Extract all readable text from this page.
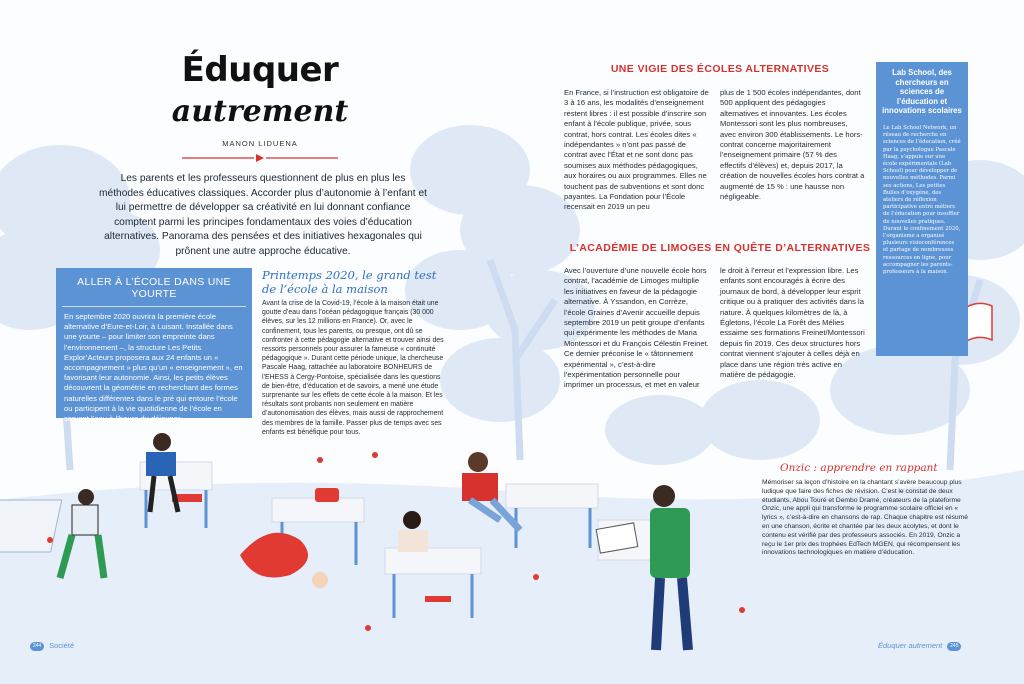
Éduquer
autrement
MANON LIDUENA
Les parents et les professeurs questionnent de plus en plus les méthodes éducatives classiques. Accorder plus d’autonomie à l’enfant et lui permettre de développer sa créativité en lui donnant confiance comptent parmi les principes fondamentaux des voies d’éducation alternatives. Panorama des pensées et des initiatives hexagonales qui prônent une autre approche éducative.
ALLER À L’ÉCOLE DANS UNE YOURTE

En septembre 2020 ouvrira la première école alternative d’Eure-et-Loir, à Luisant. Installée dans une yourte – pour limiter son empreinte dans l’environnement –, la structure Les Petits Explor’Acteurs proposera aux 24 enfants un « accompagnement » plus qu’un « enseignement », en favorisant leur autonomie. Ainsi, les petits élèves découvrent la géométrie en recherchant des formes naturelles différentes dans le pré qui entoure l’école ou participent à la vie quotidienne de l’école en servant l’eau à l’heure du déjeuner.

Printemps 2020, le grand test de l’école à la maison
Avant la crise de la Covid-19, l’école à la maison était une goutte d’eau dans l’océan pédagogique français (30 000 élèves, sur les 12 millions en France). Or, avec le confinement, tous les parents, ou presque, ont dû se confronter à cette pédagogie alternative et trouver ainsi des ressorts personnels pour assurer la fameuse « continuité pédagogique ». Durant cette période unique, la chercheuse Pascale Haag, rattachée au laboratoire BONHEURS de l’EHESS à Cergy-Pontoise, spécialisée dans les questions de bien-être, d’éducation et de savoirs, a mené une étude surprenante sur les effets de cette école à la maison. Et les résultats sont probants non seulement en matière d’autonomisation des élèves, mais aussi de rapprochement des membres de la famille. Passer plus de temps avec ses enfants est bénéfique pour tous.
UNE VIGIE DES ÉCOLES ALTERNATIVES
En France, si l’instruction est obligatoire de 3 à 16 ans, les modalités d’enseignement restent libres : il est possible d’inscrire son enfant à l’école publique, privée, sous contrat, hors contrat. Les écoles dites « indépendantes » n’ont pas passé de contrat avec l’État et ne sont donc pas soumises aux méthodes pédagogiques, aux horaires ou aux programmes. Elles ne touchent pas de subventions et sont donc payantes. La Fondation pour l’École recensait en 2019 un peu
plus de 1 500 écoles indépendantes, dont 500 appliquent des pédagogies alternatives et innovantes. Les écoles Montessori sont les plus nombreuses, avec environ 300 établissements. Le hors-contrat concerne majoritairement l’enseignement primaire (57 % des effectifs d’élèves) et, depuis 2017, la création de nouvelles écoles hors contrat a augmenté de 15 % : une hausse non négligeable.
L’ACADÉMIE DE LIMOGES EN QUÊTE D’ALTERNATIVES
Avec l’ouverture d’une nouvelle école hors contrat, l’académie de Limoges multiplie les initiatives en faveur de la pédagogie alternative. À Yssandon, en Corrèze, l’école Graines d’Avenir accueille depuis septembre 2019 un petit groupe d’enfants qui expérimente les méthodes de Maria Montessori et du François Célestin Freinet. Ce dernier préconise le « tâtonnement expérimental », c’est-à-dire l’expérimentation personnelle pour imprimer un processus, et met en valeur
le droit à l’erreur et l’expression libre. Les enfants sont encouragés à écrire des journaux de bord, à développer leur esprit critique ou à pratiquer des activités dans la nature. À quelques kilomètres de là, à Égletons, l’école La Forêt des Mélies essaime ses formations Freinet/Montessori depuis fin 2019. Ces deux structures hors contrat viennent s’ajouter à celles déjà en place dans une région très active en matière de pédagogie.
Lab School, des chercheurs en sciences de l’éducation et innovations scolaires

Le Lab School Network, un réseau de recherche en sciences de l’éducation, créé par la psychologue Pascale Haag, s’appuie sur une école expérimentale (Lab School) pour développer de nouvelles méthodes. Parmi ses actions, Les petites Bulles d’oxygène, des ateliers de réflexion participative entre métiers de l’éducation pour insuffler de nouvelles pratiques. Durant le confinement 2020, l’organisme a organisé plusieurs visioconférences et partage de nombreuses ressources en ligne, pour accompagner les parents-professeurs à la maison.

Onzic : apprendre en rappant
Mémoriser sa leçon d’histoire en la chantant s’avère beaucoup plus ludique que faire des fiches de révision. C’est le constat de deux étudiants, Abou Touré et Dembo Dramé, créateurs de la plateforme Onzic, une appli qui transforme le programme scolaire officiel en « lyrics », c’est-à-dire en chansons de rap. Chaque chapitre est résumé en une chanson, écrite et chantée par les deux acolytes, et dont le contenu est vérifié par des professeurs associés. En 2019, Onzic a reçu le 1er prix des trophées EdTech MGEN, qui récompensent les innovations technologiques en matière d’éducation.
244 Société	Éduquer autrement 245
